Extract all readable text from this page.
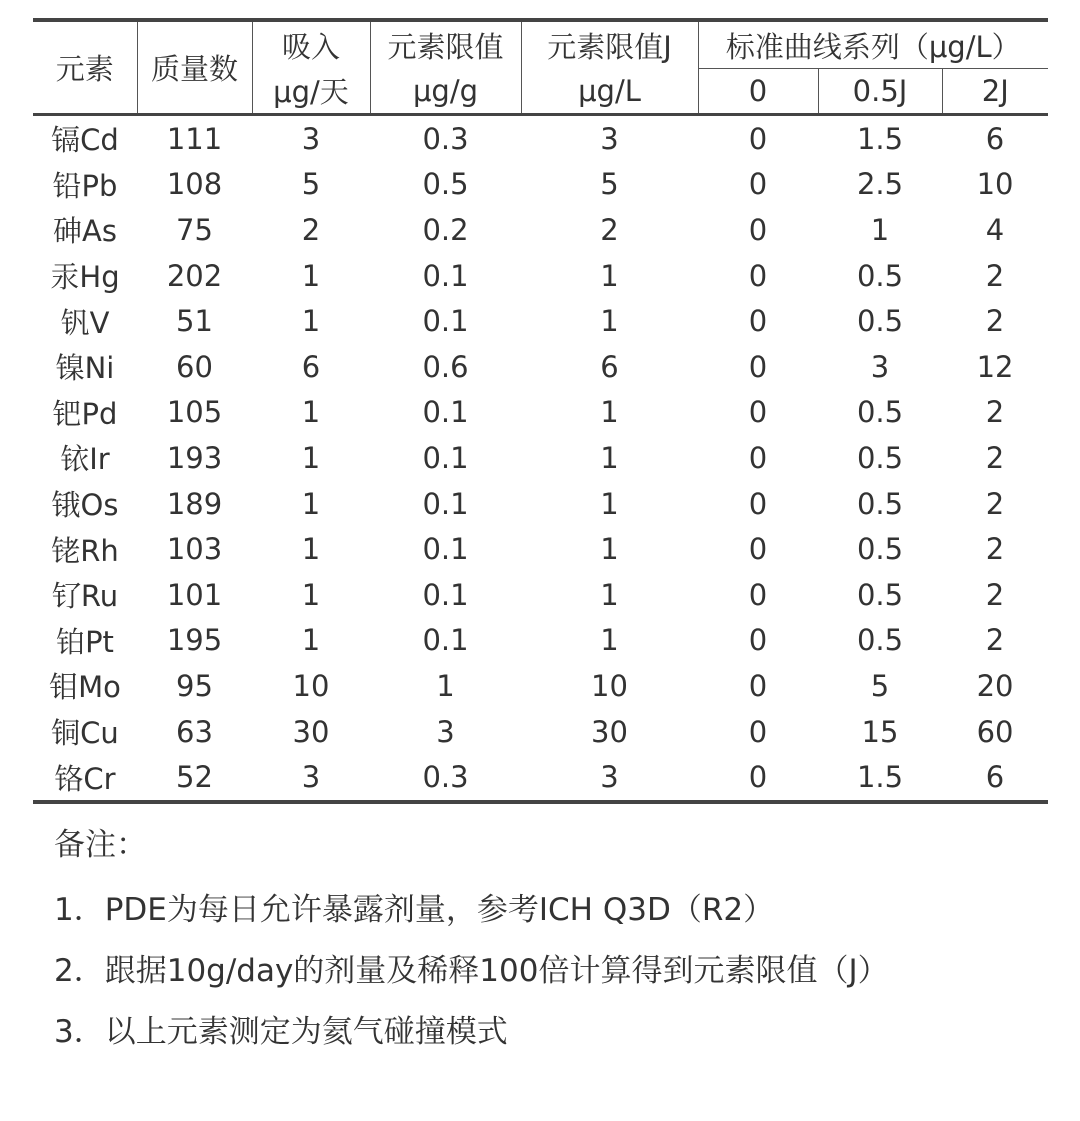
元素	质量数	吸入	元素限值	元素限值J	标准曲线系列（μg/L）		
		μg/天	μg/g	μg/L	0	0.5J	2J
镉Cd	111	3	0.3	3	0	1.5	6
铅Pb	108	5	0.5	5	0	2.5	10
砷As	75	2	0.2	2	0	1	4
汞Hg	202	1	0.1	1	0	0.5	2
钒V	51	1	0.1	1	0	0.5	2
镍Ni	60	6	0.6	6	0	3	12
钯Pd	105	1	0.1	1	0	0.5	2
铱Ir	193	1	0.1	1	0	0.5	2
锇Os	189	1	0.1	1	0	0.5	2
铑Rh	103	1	0.1	1	0	0.5	2
钌Ru	101	1	0.1	1	0	0.5	2
铂Pt	195	1	0.1	1	0	0.5	2
钼Mo	95	10	1	10	0	5	20
铜Cu	63	30	3	30	0	15	60
铬Cr	52	3	0.3	3	0	1.5	6
备注：
1．PDE为每日允许暴露剂量，参考ICH Q3D（R2）
2．跟据10g/day的剂量及稀释100倍计算得到元素限值（J）
3．以上元素测定为氦气碰撞模式
